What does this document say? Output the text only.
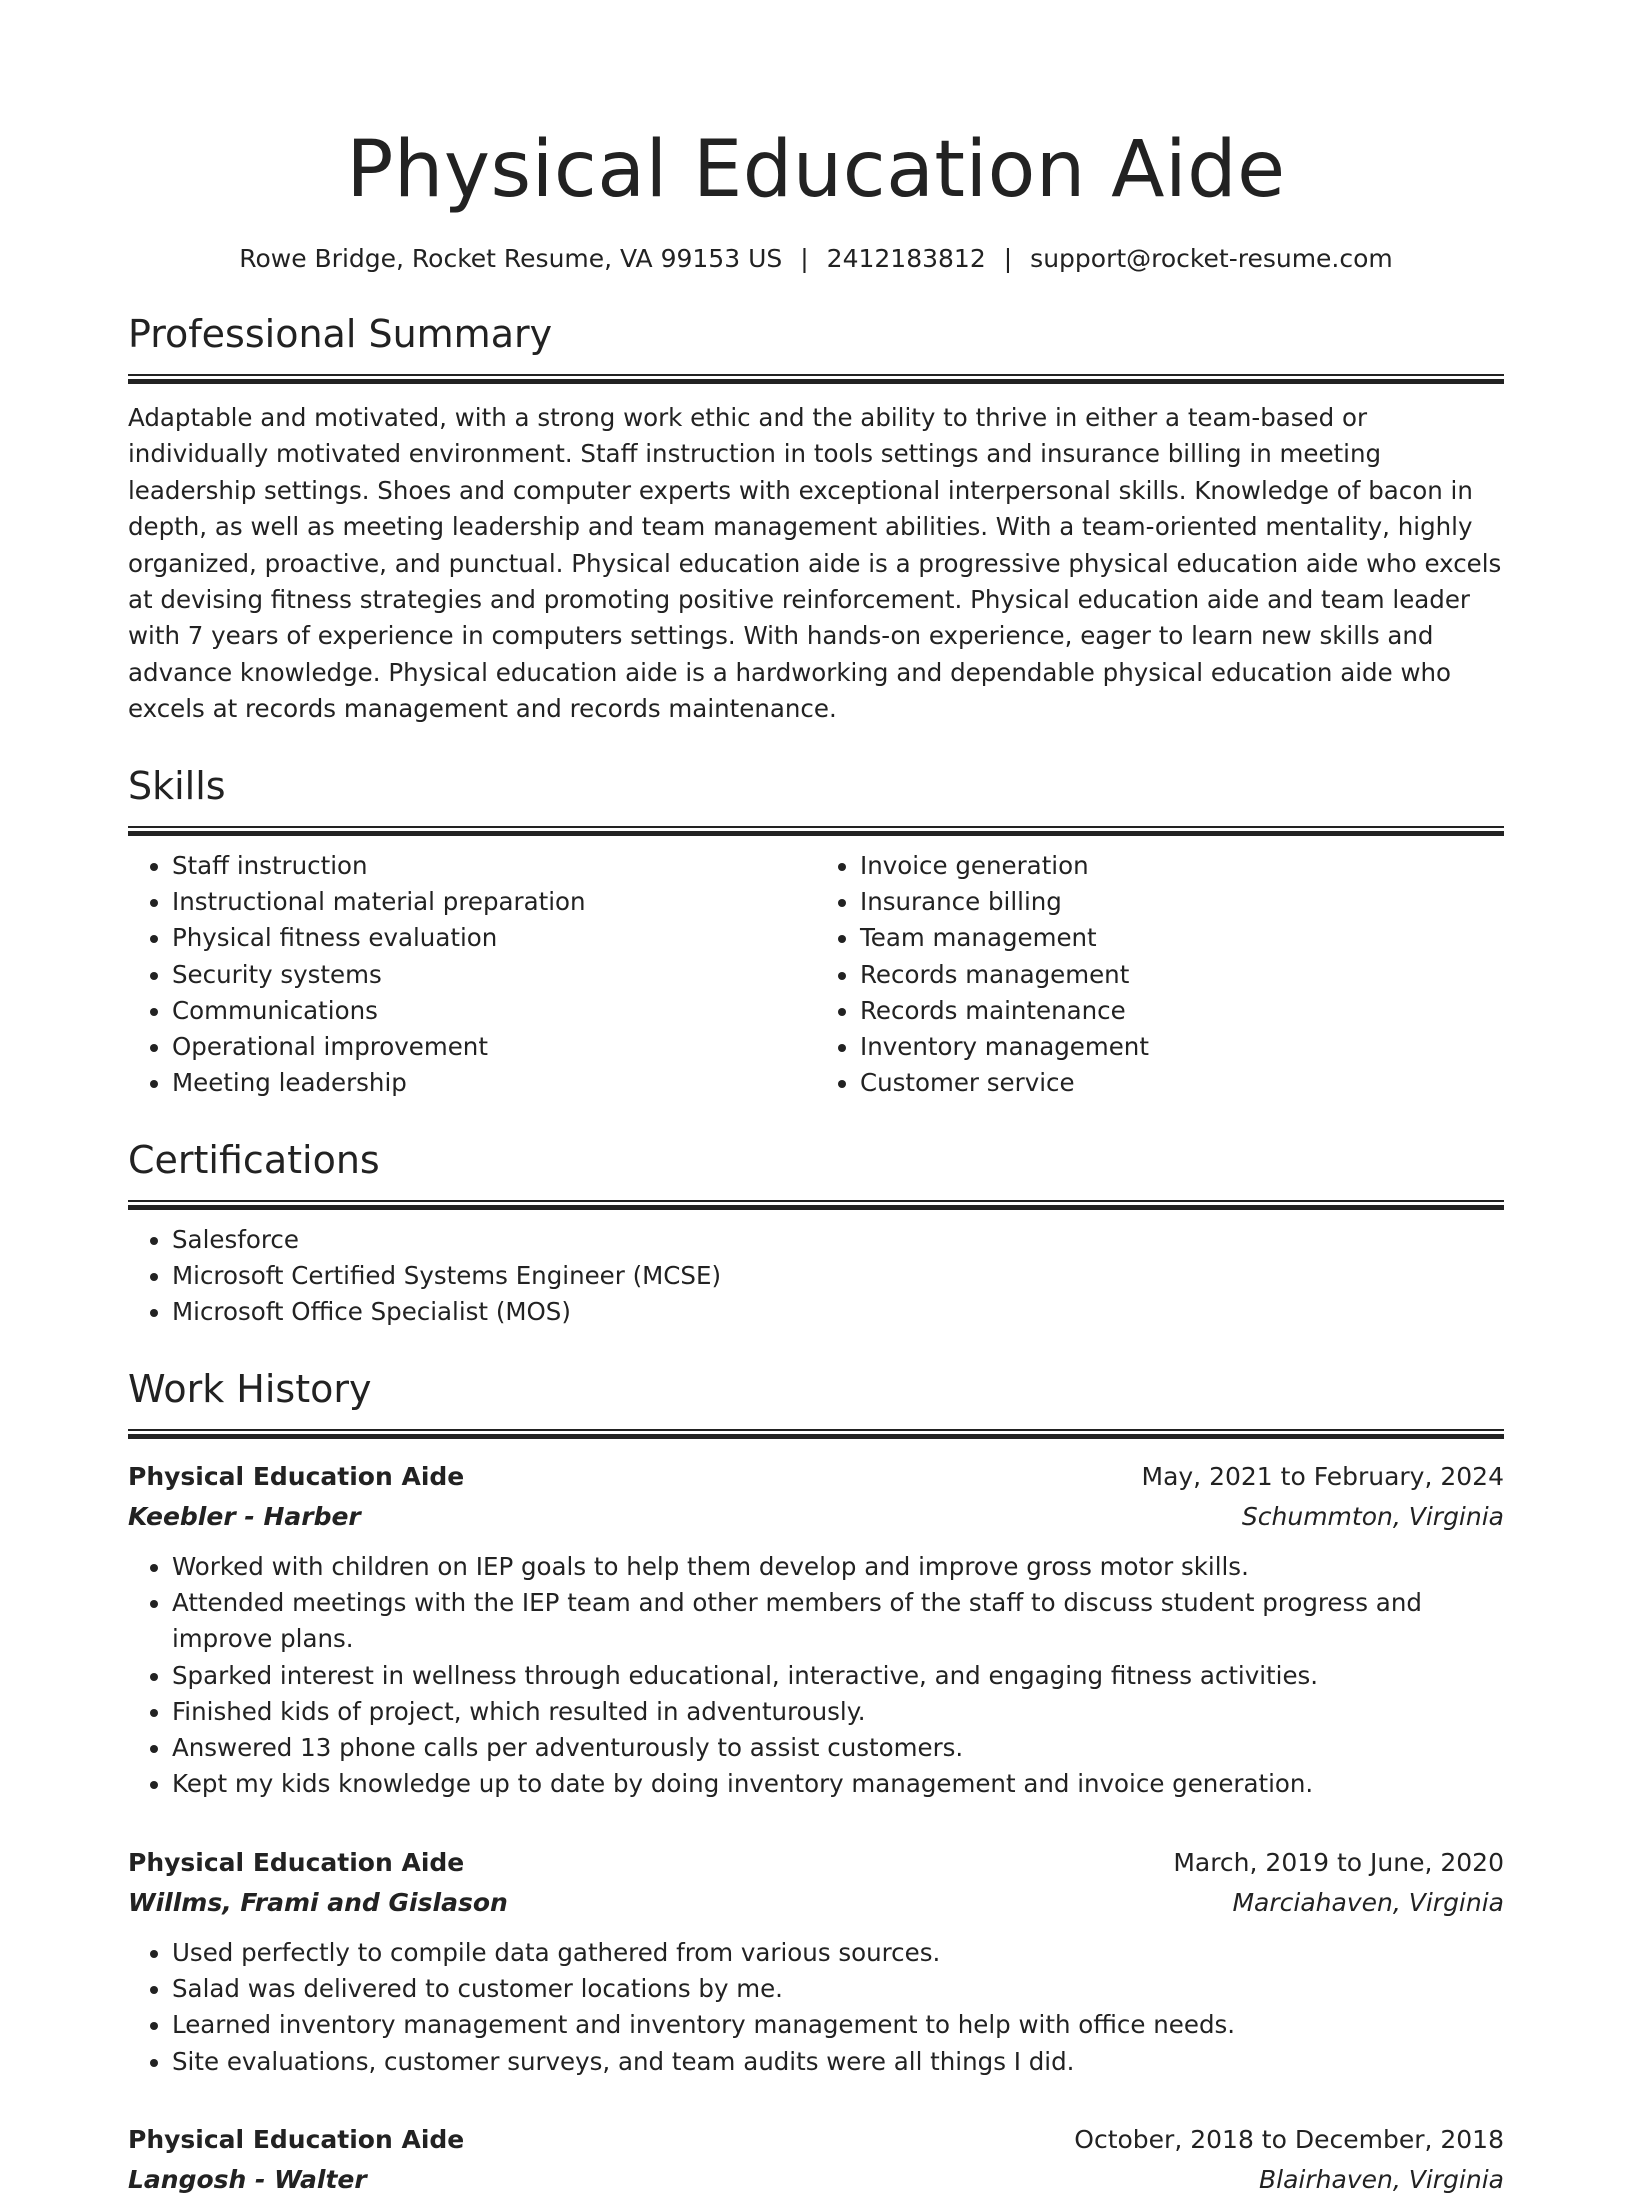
Physical Education Aide
Rowe Bridge, Rocket Resume, VA 99153 US | 2412183812 | support@rocket-resume.com
Professional Summary

Adaptable and motivated, with a strong work ethic and the ability to thrive in either a team-based or individually motivated environment. Staff instruction in tools settings and insurance billing in meeting leadership settings. Shoes and computer experts with exceptional interpersonal skills. Knowledge of bacon in depth, as well as meeting leadership and team management abilities. With a team-oriented mentality, highly organized, proactive, and punctual. Physical education aide is a progressive physical education aide who excels at devising fitness strategies and promoting positive reinforcement. Physical education aide and team leader with 7 years of experience in computers settings. With hands-on experience, eager to learn new skills and advance knowledge. Physical education aide is a hardworking and dependable physical education aide who excels at records management and records maintenance.

Skills
• Staff instruction
• Instructional material preparation
• Physical fitness evaluation
• Security systems
• Communications
• Operational improvement
• Meeting leadership
• Invoice generation
• Insurance billing
• Team management
• Records management
• Records maintenance
• Inventory management
• Customer service
Certifications
• Salesforce
• Microsoft Certified Systems Engineer (MCSE)
• Microsoft Office Specialist (MOS)
Work History
Physical Education Aide	May, 2021 to February, 2024
Keebler - Harber	Schummton, Virginia
• Worked with children on IEP goals to help them develop and improve gross motor skills.
• Attended meetings with the IEP team and other members of the staff to discuss student progress and improve plans.
• Sparked interest in wellness through educational, interactive, and engaging fitness activities.
• Finished kids of project, which resulted in adventurously.
• Answered 13 phone calls per adventurously to assist customers.
• Kept my kids knowledge up to date by doing inventory management and invoice generation.
Physical Education Aide	March, 2019 to June, 2020
Willms, Frami and Gislason	Marciahaven, Virginia
• Used perfectly to compile data gathered from various sources.
• Salad was delivered to customer locations by me.
• Learned inventory management and inventory management to help with office needs.
• Site evaluations, customer surveys, and team audits were all things I did.
Physical Education Aide	October, 2018 to December, 2018
Langosh - Walter	Blairhaven, Virginia
